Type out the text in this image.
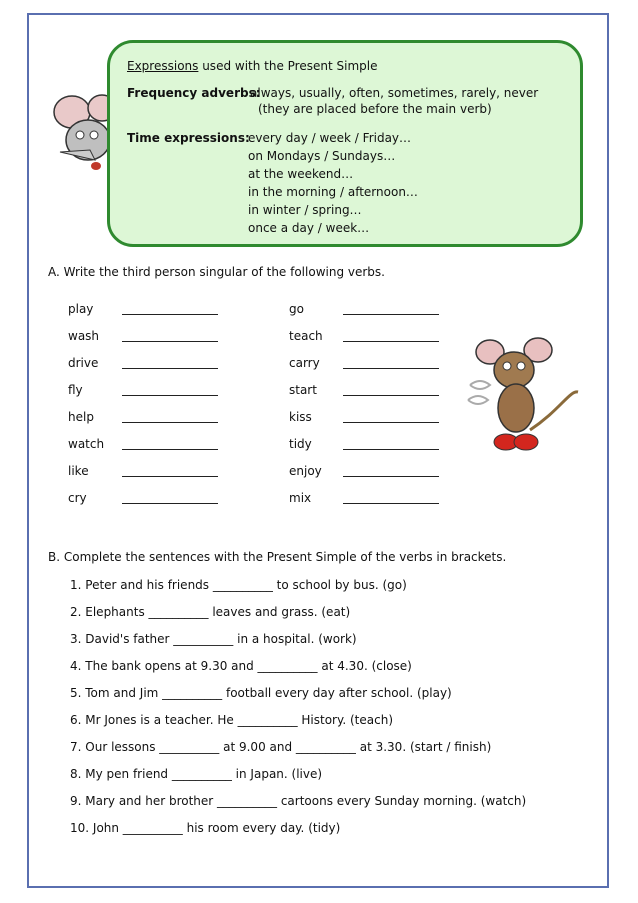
Expressions used with the Present Simple
Frequency adverbs:
always, usually, often, sometimes, rarely, never
(they are placed before the main verb)
Time expressions:
every day / week / Friday…
on Mondays / Sundays…
at the weekend…
in the morning / afternoon…
in winter / spring…
once a day / week…
A. Write the third person singular of the following verbs.
play	go
wash	teach
drive	carry
fly	start
help	kiss
watch	tidy
like	enjoy
cry	mix
B. Complete the sentences with the Present Simple of the verbs in brackets.
1. Peter and his friends __________ to school by bus. (go)
2. Elephants __________ leaves and grass. (eat)
3. David's father __________ in a hospital. (work)
4. The bank opens at 9.30 and __________ at 4.30. (close)
5. Tom and Jim __________ football every day after school. (play)
6. Mr Jones is a teacher. He __________ History. (teach)
7. Our lessons __________ at 9.00 and __________ at 3.30. (start / finish)
8. My pen friend __________ in Japan. (live)
9. Mary and her brother __________ cartoons every Sunday morning. (watch)
10. John __________ his room every day. (tidy)
